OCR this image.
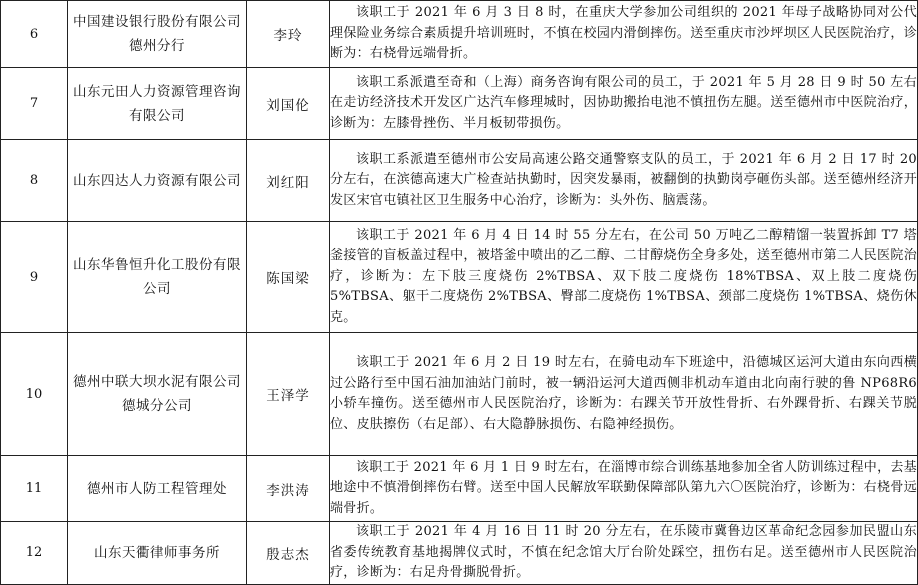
6	中国建设银行股份有限公司德州分行	李玲	该职工于 2021 年 6 月 3 日 8 时，在重庆大学参加公司组织的 2021 年母子战略协同对公代理保险业务综合素质提升培训班时，不慎在校园内滑倒摔伤。送至重庆市沙坪坝区人民医院治疗，诊断为：右桡骨远端骨折。
7	山东元田人力资源管理咨询有限公司	刘国伦	该职工系派遣至奇和（上海）商务咨询有限公司的员工，于 2021 年 5 月 28 日 9 时 50 左右在走访经济技术开发区广达汽车修理城时，因协助搬抬电池不慎扭伤左腿。送至德州市中医院治疗，诊断为：左膝骨挫伤、半月板韧带损伤。
8	山东四达人力资源有限公司	刘红阳	该职工系派遣至德州市公安局高速公路交通警察支队的员工，于 2021 年 6 月 2 日 17 时 20 分左右，在滨德高速大广检查站执勤时，因突发暴雨，被翻倒的执勤岗亭砸伤头部。送至德州经济开发区宋官屯镇社区卫生服务中心治疗，诊断为：头外伤、脑震荡。
9	山东华鲁恒升化工股份有限公司	陈国梁	该职工于 2021 年 6 月 4 日 14 时 55 分左右，在公司 50 万吨乙二醇精馏一装置拆卸 T7 塔釜接管的盲板盖过程中，被塔釜中喷出的乙二醇、二甘醇烧伤全身多处，送至德州市第二人民医院治疗，诊断为：左下肢三度烧伤 2%TBSA、双下肢二度烧伤 18%TBSA、双上肢二度烧伤 5%TBSA、躯干二度烧伤 2%TBSA、臀部二度烧伤 1%TBSA、颈部二度烧伤 1%TBSA、烧伤休克。
10	德州中联大坝水泥有限公司德城分公司	王泽学	该职工于 2021 年 6 月 2 日 19 时左右，在骑电动车下班途中，沿德城区运河大道由东向西横过公路行至中国石油加油站门前时，被一辆沿运河大道西侧非机动车道由北向南行驶的鲁 NP68R6 小轿车撞伤。送至德州市人民医院治疗，诊断为：右踝关节开放性骨折、右外踝骨折、右踝关节脱位、皮肤擦伤（右足部）、右大隐静脉损伤、右隐神经损伤。
11	德州市人防工程管理处	李洪涛	该职工于 2021 年 6 月 1 日 9 时左右，在淄博市综合训练基地参加全省人防训练过程中，去基地途中不慎滑倒摔伤右臂。送至中国人民解放军联勤保障部队第九六〇医院治疗，诊断为：右桡骨远端骨折。
12	山东天衢律师事务所	殷志杰	该职工于 2021 年 4 月 16 日 11 时 20 分左右，在乐陵市冀鲁边区革命纪念园参加民盟山东省委传统教育基地揭牌仪式时，不慎在纪念馆大厅台阶处踩空，扭伤右足。送至德州市人民医院治疗，诊断为：右足舟骨撕脱骨折。
